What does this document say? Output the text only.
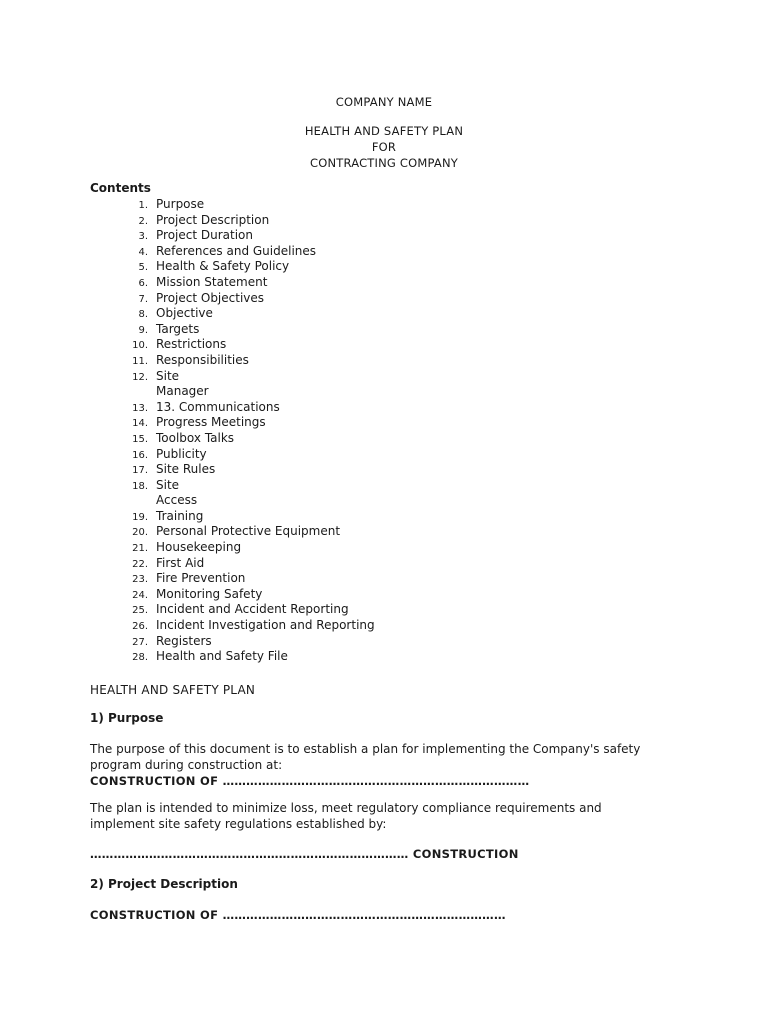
COMPANY NAME
HEALTH AND SAFETY PLAN
FOR
CONTRACTING COMPANY
Contents
1. Purpose
2. Project Description
3. Project Duration
4. References and Guidelines
5. Health & Safety Policy
6. Mission Statement
7. Project Objectives
8. Objective
9. Targets
10. Restrictions
11. Responsibilities
12. Site Manager
13. 13. Communications
14. Progress Meetings
15. Toolbox Talks
16. Publicity
17. Site Rules
18. Site Access
19. Training
20. Personal Protective Equipment
21. Housekeeping
22. First Aid
23. Fire Prevention
24. Monitoring Safety
25. Incident and Accident Reporting
26. Incident Investigation and Reporting
27. Registers
28. Health and Safety File
HEALTH AND SAFETY PLAN
1) Purpose
The purpose of this document is to establish a plan for implementing the Company's safety program during construction at:
CONSTRUCTION OF ……………………………………………………………………
The plan is intended to minimize loss, meet regulatory compliance requirements and implement site safety regulations established by:
……………………………………………………………………… CONSTRUCTION
2) Project Description
CONSTRUCTION OF ………………………………………………………………
